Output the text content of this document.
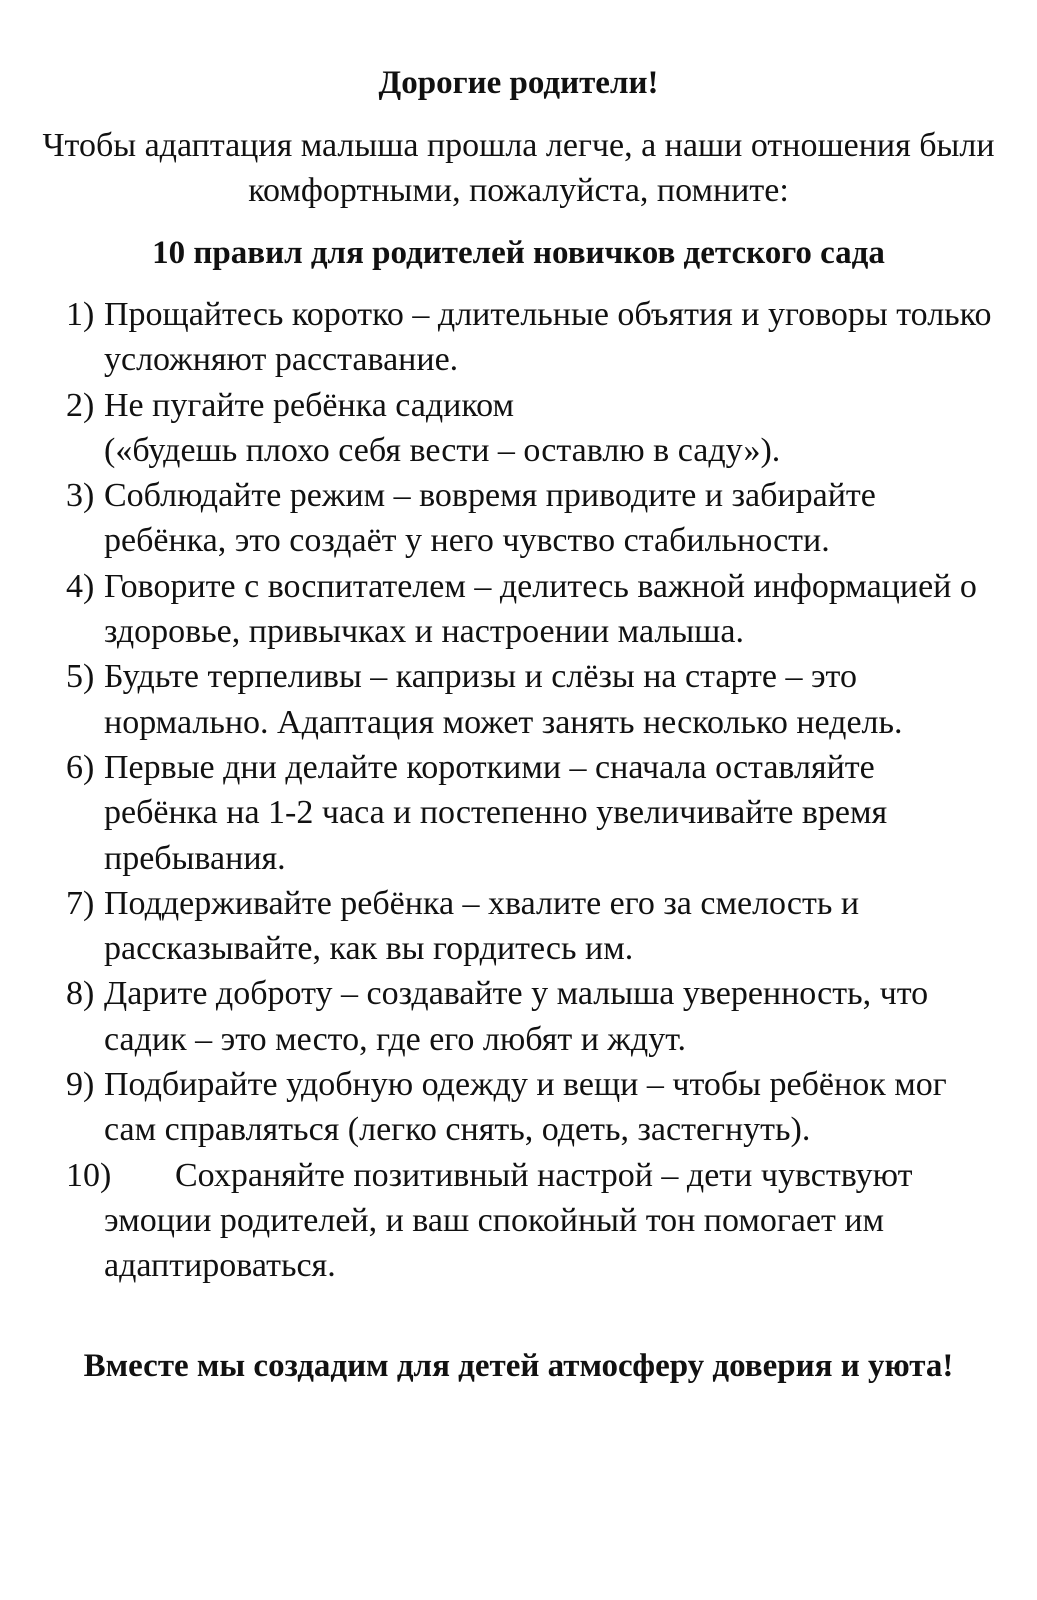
Дорогие родители!
Чтобы адаптация малыша прошла легче, а наши отношения были комфортными, пожалуйста, помните:
10 правил для родителей новичков детского сада
1) Прощайтесь коротко – длительные объятия и уговоры только усложняют расставание.
2) Не пугайте ребёнка садиком
(«будешь плохо себя вести – оставлю в саду»).
3) Соблюдайте режим – вовремя приводите и забирайте ребёнка, это создаёт у него чувство стабильности.
4) Говорите с воспитателем – делитесь важной информацией о здоровье, привычках и настроении малыша.
5) Будьте терпеливы – капризы и слёзы на старте – это нормально. Адаптация может занять несколько недель.
6) Первые дни делайте короткими – сначала оставляйте ребёнка на 1-2 часа и постепенно увеличивайте время пребывания.
7) Поддерживайте ребёнка – хвалите его за смелость и рассказывайте, как вы гордитесь им.
8) Дарите доброту – создавайте у малыша уверенность, что садик – это место, где его любят и ждут.
9) Подбирайте удобную одежду и вещи – чтобы ребёнок мог сам справляться (легко снять, одеть, застегнуть).
10)	Сохраняйте позитивный настрой – дети чувствуют эмоции родителей, и ваш спокойный тон помогает им адаптироваться.
Вместе мы создадим для детей атмосферу доверия и уюта!
